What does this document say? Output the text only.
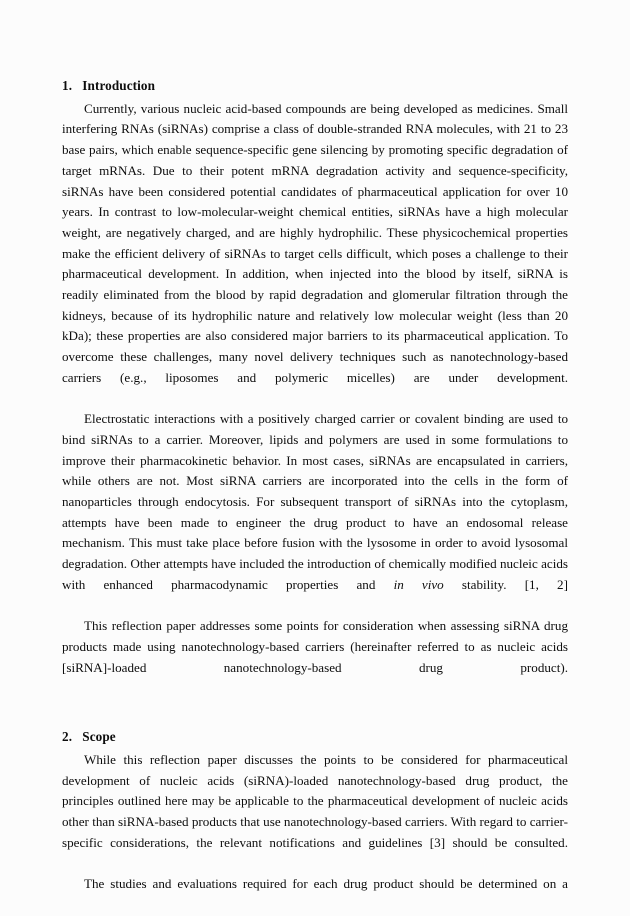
1.   Introduction

Currently, various nucleic acid-based compounds are being developed as medicines. Small interfering RNAs (siRNAs) comprise a class of double-stranded RNA molecules, with 21 to 23 base pairs, which enable sequence-specific gene silencing by promoting specific degradation of target mRNAs. Due to their potent mRNA degradation activity and sequence-specificity, siRNAs have been considered potential candidates of pharmaceutical application for over 10 years. In contrast to low-molecular-weight chemical entities, siRNAs have a high molecular weight, are negatively charged, and are highly hydrophilic. These physicochemical properties make the efficient delivery of siRNAs to target cells difficult, which poses a challenge to their pharmaceutical development. In addition, when injected into the blood by itself, siRNA is readily eliminated from the blood by rapid degradation and glomerular filtration through the kidneys, because of its hydrophilic nature and relatively low molecular weight (less than 20 kDa); these properties are also considered major barriers to its pharmaceutical application. To overcome these challenges, many novel delivery techniques such as nanotechnology-based carriers (e.g., liposomes and polymeric micelles) are under development.

Electrostatic interactions with a positively charged carrier or covalent binding are used to bind siRNAs to a carrier. Moreover, lipids and polymers are used in some formulations to improve their pharmacokinetic behavior. In most cases, siRNAs are encapsulated in carriers, while others are not. Most siRNA carriers are incorporated into the cells in the form of nanoparticles through endocytosis. For subsequent transport of siRNAs into the cytoplasm, attempts have been made to engineer the drug product to have an endosomal release mechanism. This must take place before fusion with the lysosome in order to avoid lysosomal degradation. Other attempts have included the introduction of chemically modified nucleic acids with enhanced pharmacodynamic properties and in vivo stability. [1, 2]

This reflection paper addresses some points for consideration when assessing siRNA drug products made using nanotechnology-based carriers (hereinafter referred to as nucleic acids [siRNA]-loaded nanotechnology-based drug product).

2.   Scope

While this reflection paper discusses the points to be considered for pharmaceutical development of nucleic acids (siRNA)-loaded nanotechnology-based drug product, the principles outlined here may be applicable to the pharmaceutical development of nucleic acids other than siRNA-based products that use nanotechnology-based carriers. With regard to carrier-specific considerations, the relevant notifications and guidelines [3] should be consulted.

The studies and evaluations required for each drug product should be determined on a
